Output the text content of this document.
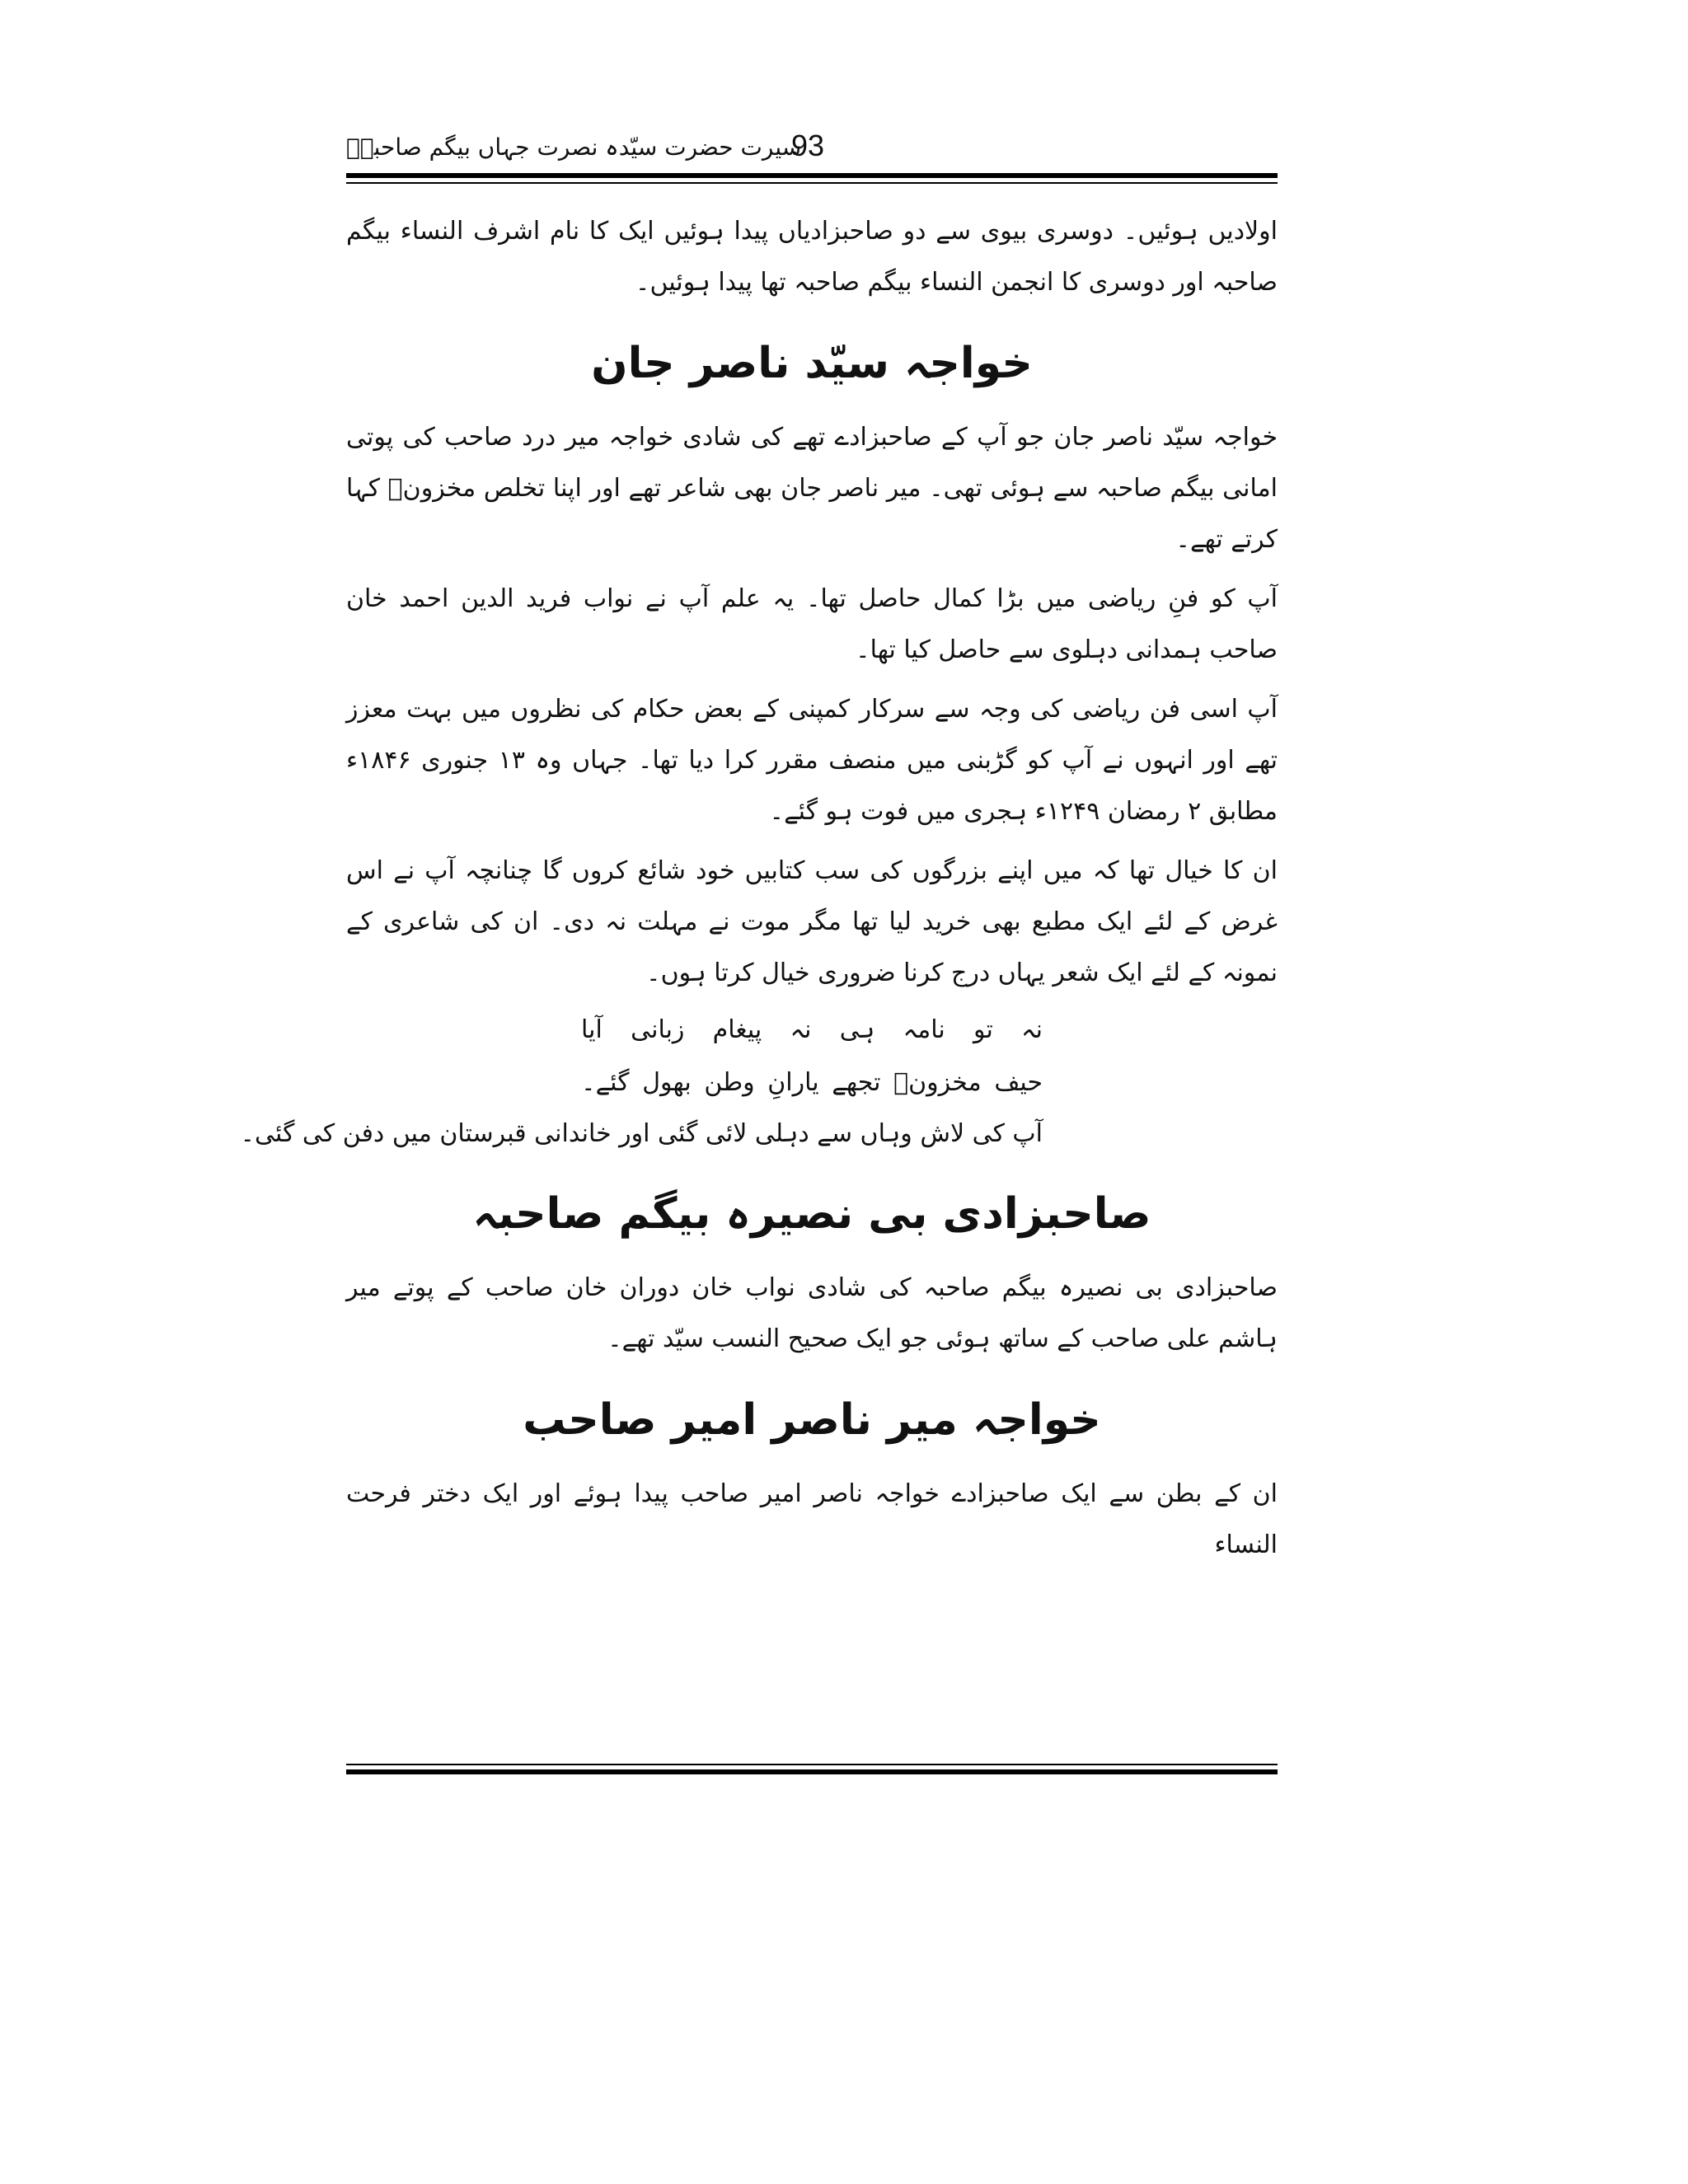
سیرت حضرت سیّدہ نصرت جہاں بیگم صاحبہؓ
93

اولادیں ہوئیں۔ دوسری بیوی سے دو صاحبزادیاں پیدا ہوئیں ایک کا نام اشرف النساء بیگم صاحبہ اور دوسری کا انجمن النساء بیگم صاحبہ تھا پیدا ہوئیں۔

خواجہ سیّد ناصر جان

خواجہ سیّد ناصر جان جو آپ کے صاحبزادے تھے کی شادی خواجہ میر درد صاحب کی پوتی امانی بیگم صاحبہ سے ہوئی تھی۔ میر ناصر جان بھی شاعر تھے اور اپنا تخلص مخزونؔ کہا کرتے تھے۔

آپ کو فنِ ریاضی میں بڑا کمال حاصل تھا۔ یہ علم آپ نے نواب فرید الدین احمد خان صاحب ہمدانی دہلوی سے حاصل کیا تھا۔

آپ اسی فن ریاضی کی وجہ سے سرکار کمپنی کے بعض حکام کی نظروں میں بہت معزز تھے اور انہوں نے آپ کو گڑبنی میں منصف مقرر کرا دیا تھا۔ جہاں وہ ۱۳ جنوری ۱۸۴۶ء مطابق ۲ رمضان ۱۲۴۹ء ہجری میں فوت ہو گئے۔

ان کا خیال تھا کہ میں اپنے بزرگوں کی سب کتابیں خود شائع کروں گا چنانچہ آپ نے اس غرض کے لئے ایک مطبع بھی خرید لیا تھا مگر موت نے مہلت نہ دی۔ ان کی شاعری کے نمونہ کے لئے ایک شعر یہاں درج کرنا ضروری خیال کرتا ہوں۔

نہ تو نامہ ہی نہ پیغام زبانی آیا
حیف مخزونؔ تجھے یارانِ وطن بھول گئے۔
آپ کی لاش وہاں سے دہلی لائی گئی اور خاندانی قبرستان میں دفن کی گئی۔
صاحبزادی بی نصیرہ بیگم صاحبہ

صاحبزادی بی نصیرہ بیگم صاحبہ کی شادی نواب خان دوران خان صاحب کے پوتے میر ہاشم علی صاحب کے ساتھ ہوئی جو ایک صحیح النسب سیّد تھے۔

خواجہ میر ناصر امیر صاحب

ان کے بطن سے ایک صاحبزادے خواجہ ناصر امیر صاحب پیدا ہوئے اور ایک دختر فرحت النساء
